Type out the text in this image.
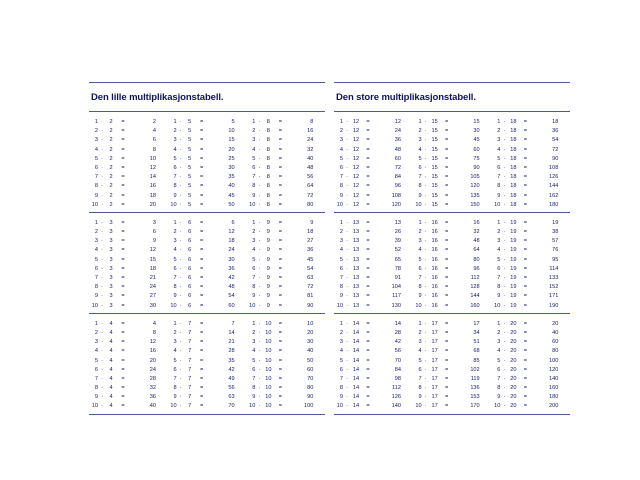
Den lille multiplikasjonstabell.
1 ·	2	=	2
2 ·	2	=	4
3 ·	2	=	6
4 ·	2	=	8
5 ·	2	=	10
6 ·	2	=	12
7 ·	2	=	14
8 ·	2	=	16
9 ·	2	=	18
10 ·	2	=	20
1 ·	5	=	5
2 ·	5	=	10
3 ·	5	=	15
4 ·	5	=	20
5 ·	5	=	25
6 ·	5	=	30
7 ·	5	=	35
8 ·	5	=	40
9 ·	5	=	45
10 ·	5	=	50
1 ·	8	=	8
2 ·	8	=	16
3 ·	8	=	24
4 ·	8	=	32
5 ·	8	=	40
6 ·	8	=	48
7 ·	8	=	56
8 ·	8	=	64
9 ·	8	=	72
10 ·	8	=	80
1 ·	3	=	3
2 ·	3	=	6
3 ·	3	=	9
4 ·	3	=	12
5 ·	3	=	15
6 ·	3	=	18
7 ·	3	=	21
8 ·	3	=	24
9 ·	3	=	27
10 ·	3	=	30
1 ·	6	=	6
2 ·	6	=	12
3 ·	6	=	18
4 ·	6	=	24
5 ·	6	=	30
6 ·	6	=	36
7 ·	6	=	42
8 ·	6	=	48
9 ·	6	=	54
10 ·	6	=	60
1 ·	9	=	9
2 ·	9	=	18
3 ·	9	=	27
4 ·	9	=	36
5 ·	9	=	45
6 ·	9	=	54
7 ·	9	=	63
8 ·	9	=	72
9 ·	9	=	81
10 ·	9	=	90
1 ·	4	=	4
2 ·	4	=	8
3 ·	4	=	12
4 ·	4	=	16
5 ·	4	=	20
6 ·	4	=	24
7 ·	4	=	28
8 ·	4	=	32
9 ·	4	=	36
10 ·	4	=	40
1 ·	7	=	7
2 ·	7	=	14
3 ·	7	=	21
4 ·	7	=	28
5 ·	7	=	35
6 ·	7	=	42
7 ·	7	=	49
8 ·	7	=	56
9 ·	7	=	63
10 ·	7	=	70
1 · 10	=	10
2 · 10	=	20
3 · 10	=	30
4 · 10	=	40
5 · 10	=	50
6 · 10	=	60
7 · 10	=	70
8 · 10	=	80
9 · 10	=	90
10 · 10	=	100
Den store multiplikasjonstabell.
1 · 12	=	12
2 · 12	=	24
3 · 12	=	36
4 · 12	=	48
5 · 12	=	60
6 · 12	=	72
7 · 12	=	84
8 · 12	=	96
9 · 12	=	108
10 · 12	=	120
1 · 15	=	15
2 · 15	=	30
3 · 15	=	45
4 · 15	=	60
5 · 15	=	75
6 · 15	=	90
7 · 15	=	105
8 · 15	=	120
9 · 15	=	135
10 · 15	=	150
1 · 18	=	18
2 · 18	=	36
3 · 18	=	54
4 · 18	=	72
5 · 18	=	90
6 · 18	=	108
7 · 18	=	126
8 · 18	=	144
9 · 18	=	162
10 · 18	=	180
1 · 13	=	13
2 · 13	=	26
3 · 13	=	39
4 · 13	=	52
5 · 13	=	65
6 · 13	=	78
7 · 13	=	91
8 · 13	=	104
9 · 13	=	117
10 · 13	=	130
1 · 16	=	16
2 · 16	=	32
3 · 16	=	48
4 · 16	=	64
5 · 16	=	80
6 · 16	=	96
7 · 16	=	112
8 · 16	=	128
9 · 16	=	144
10 · 16	=	160
1 · 19	=	19
2 · 19	=	38
3 · 19	=	57
4 · 19	=	76
5 · 19	=	95
6 · 19	=	114
7 · 19	=	133
8 · 19	=	152
9 · 19	=	171
10 · 19	=	190
1 · 14	=	14
2 · 14	=	28
3 · 14	=	42
4 · 14	=	56
5 · 14	=	70
6 · 14	=	84
7 · 14	=	98
8 · 14	=	112
9 · 14	=	126
10 · 14	=	140
1 · 17	=	17
2 · 17	=	34
3 · 17	=	51
4 · 17	=	68
5 · 17	=	85
6 · 17	=	102
7 · 17	=	119
8 · 17	=	136
9 · 17	=	153
10 · 17	=	170
1 · 20	=	20
2 · 20	=	40
3 · 20	=	60
4 · 20	=	80
5 · 20	=	100
6 · 20	=	120
7 · 20	=	140
8 · 20	=	160
9 · 20	=	180
10 · 20	=	200
